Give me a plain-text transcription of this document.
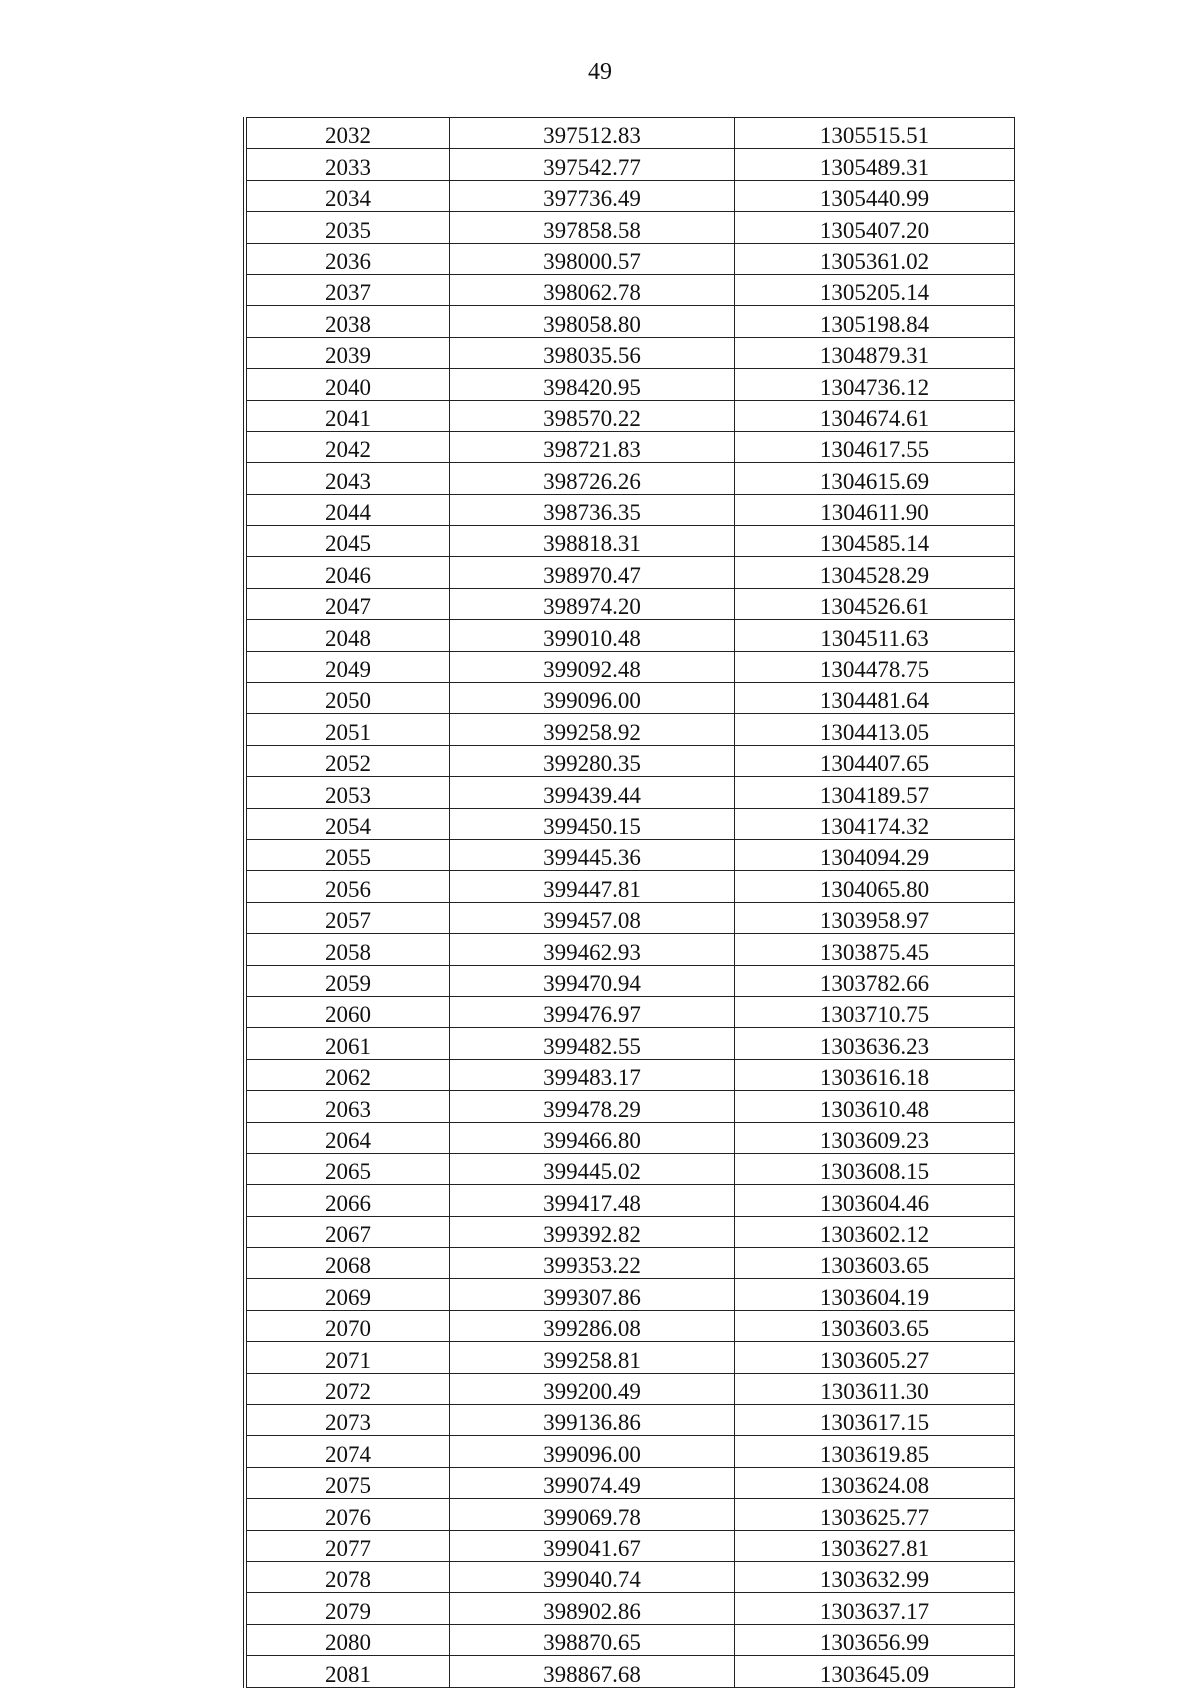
49
2032	397512.83	1305515.51
2033	397542.77	1305489.31
2034	397736.49	1305440.99
2035	397858.58	1305407.20
2036	398000.57	1305361.02
2037	398062.78	1305205.14
2038	398058.80	1305198.84
2039	398035.56	1304879.31
2040	398420.95	1304736.12
2041	398570.22	1304674.61
2042	398721.83	1304617.55
2043	398726.26	1304615.69
2044	398736.35	1304611.90
2045	398818.31	1304585.14
2046	398970.47	1304528.29
2047	398974.20	1304526.61
2048	399010.48	1304511.63
2049	399092.48	1304478.75
2050	399096.00	1304481.64
2051	399258.92	1304413.05
2052	399280.35	1304407.65
2053	399439.44	1304189.57
2054	399450.15	1304174.32
2055	399445.36	1304094.29
2056	399447.81	1304065.80
2057	399457.08	1303958.97
2058	399462.93	1303875.45
2059	399470.94	1303782.66
2060	399476.97	1303710.75
2061	399482.55	1303636.23
2062	399483.17	1303616.18
2063	399478.29	1303610.48
2064	399466.80	1303609.23
2065	399445.02	1303608.15
2066	399417.48	1303604.46
2067	399392.82	1303602.12
2068	399353.22	1303603.65
2069	399307.86	1303604.19
2070	399286.08	1303603.65
2071	399258.81	1303605.27
2072	399200.49	1303611.30
2073	399136.86	1303617.15
2074	399096.00	1303619.85
2075	399074.49	1303624.08
2076	399069.78	1303625.77
2077	399041.67	1303627.81
2078	399040.74	1303632.99
2079	398902.86	1303637.17
2080	398870.65	1303656.99
2081	398867.68	1303645.09
